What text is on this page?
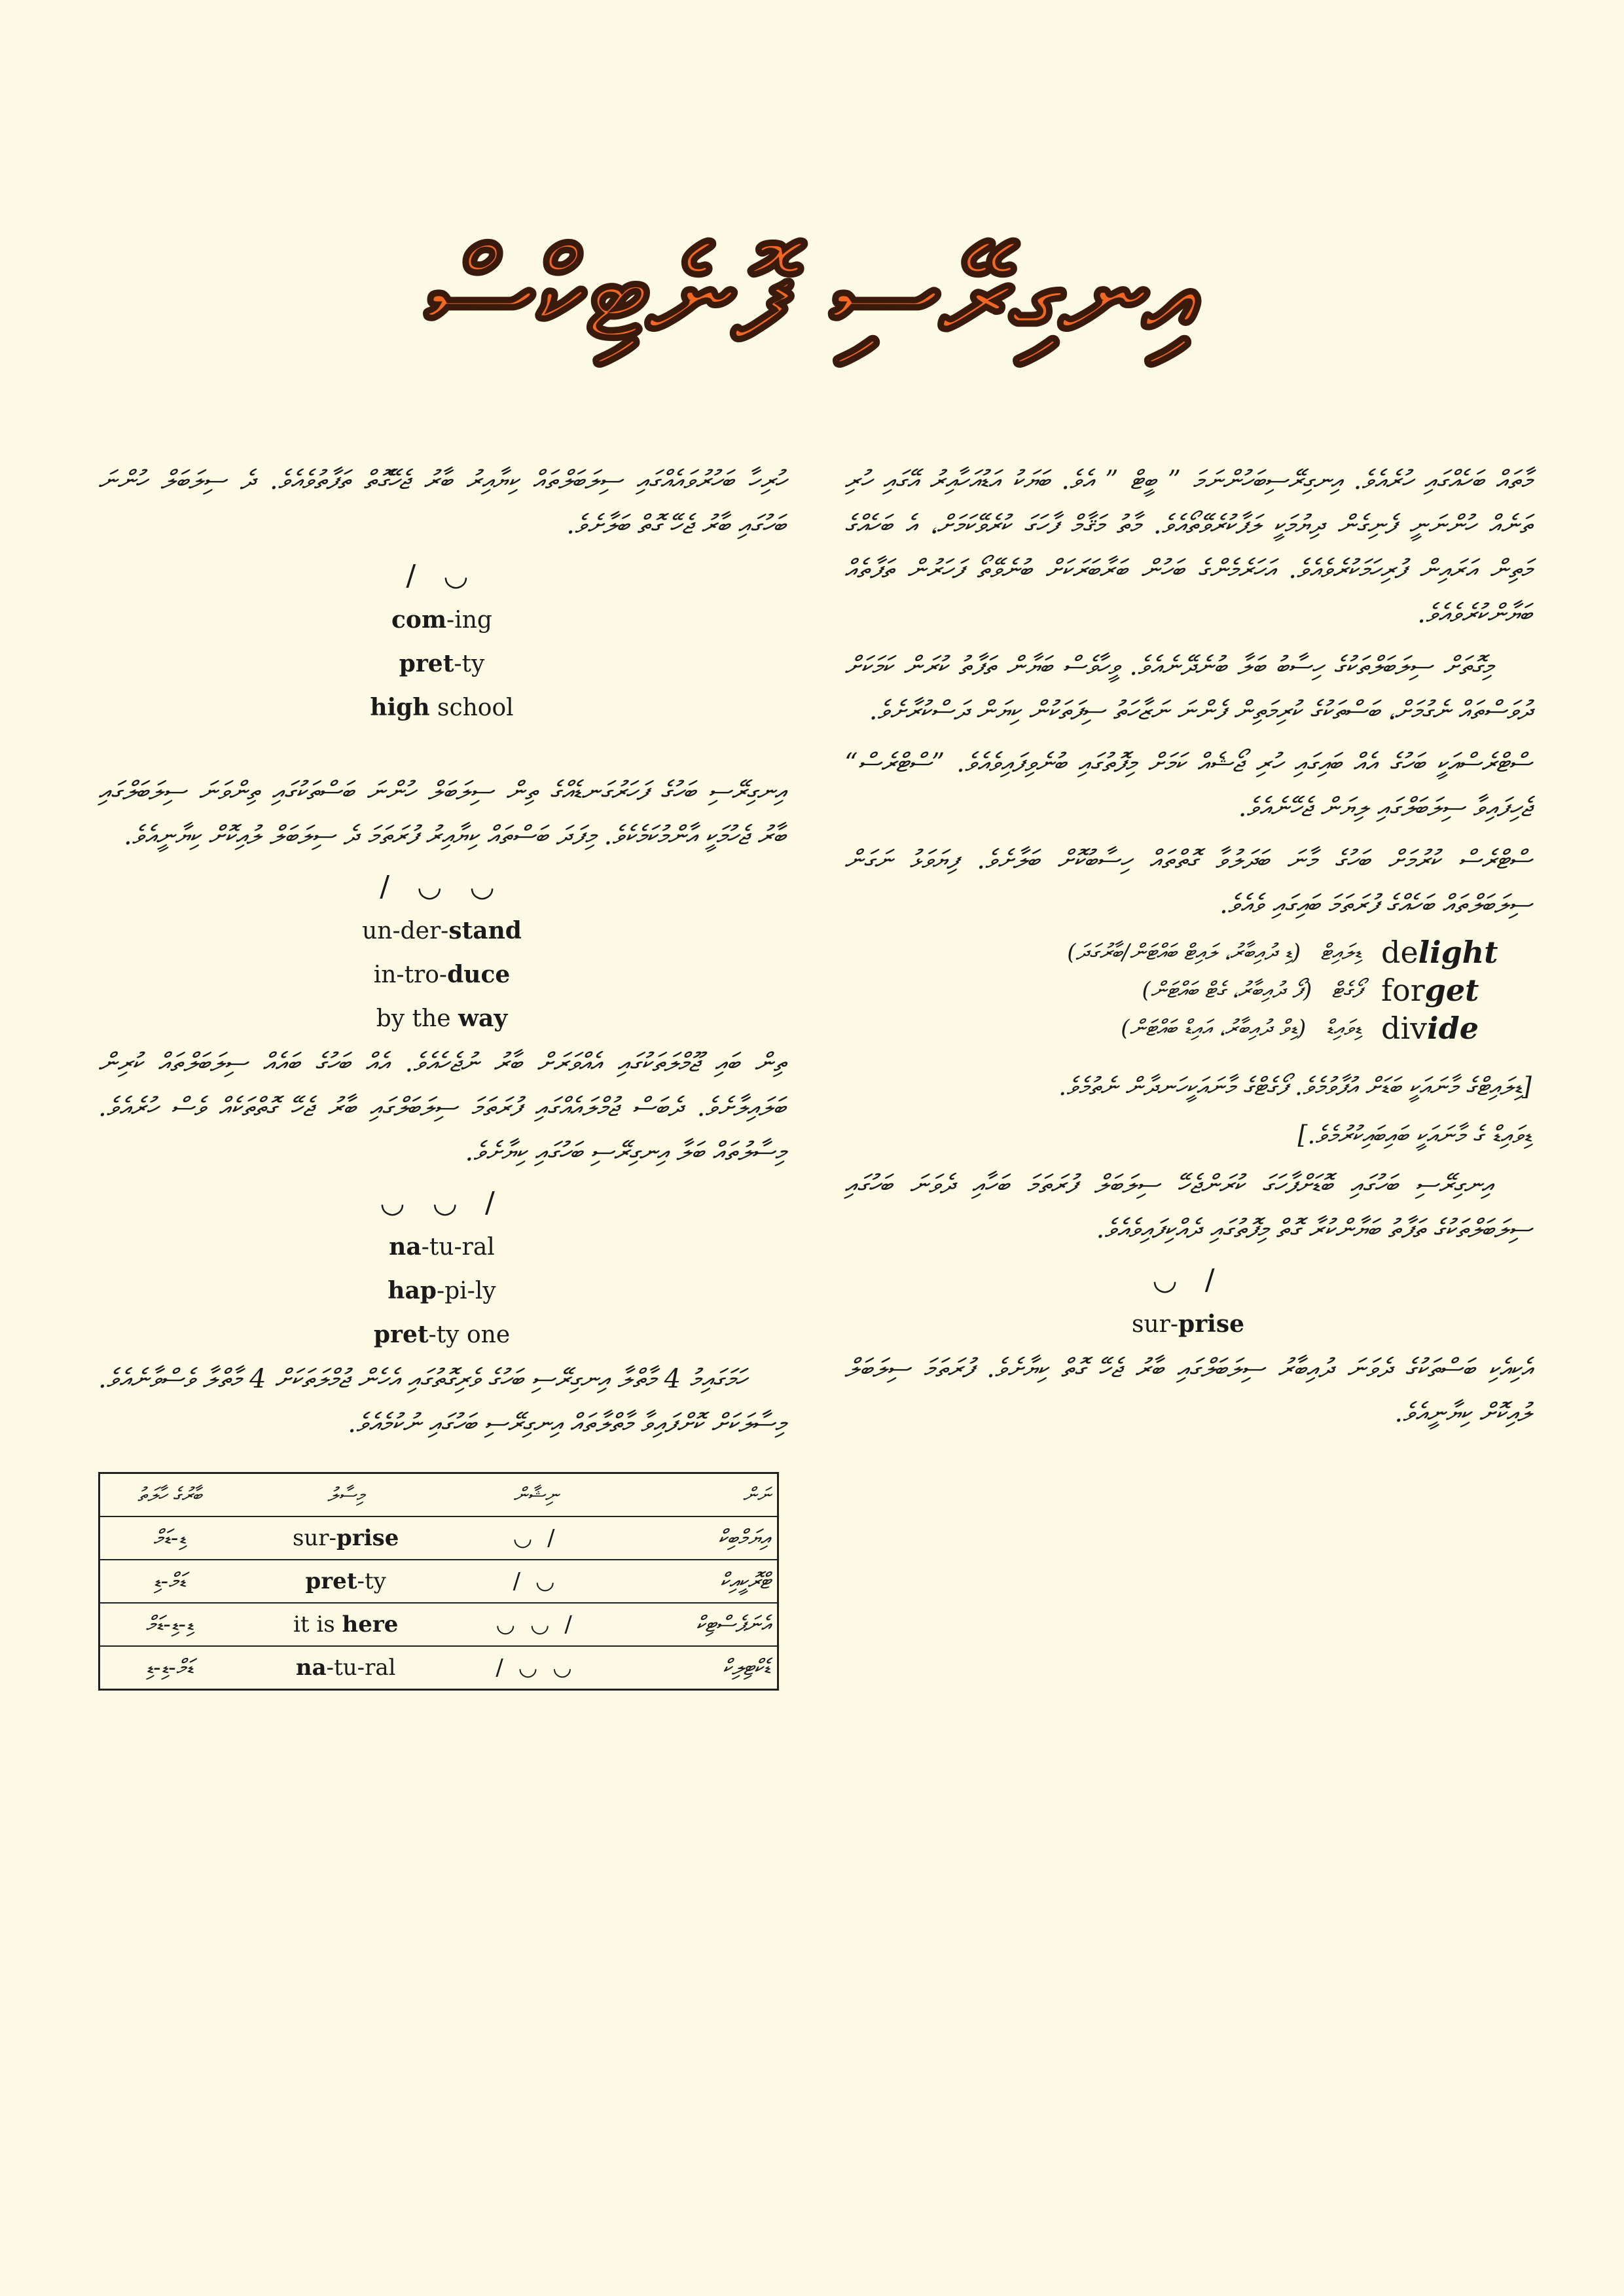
އިނގިރޭސި ފޮނެޓިކްސް

މާތައް ބަހެއްގައި ހުރެއެވެ. އިނގިރޭސިބަހުންނަމަ ” ބީޓް ” އެވެ. ބަޔަކު އަޑުއަހާއިރު އޭގައި ހުރި ތަނެއް ހުންނަނީ ފެނިގެން ދިޔުމަކީ ލަފާކުރެވޭތޯއެވެ. މާތު މަޤާމް ފާހަގަ ކުރެވޭކަމަށް، އެ ބަހެއްގެ މަތިން އަރައިން ފުރިހަމަކުރެވެއެވެ. އަހަރެމެންގެ ބަހުން ބަރާބަރަކަށް ބުނެވޭތޯ ފަހަރުން ތަފާތެއް ބަޔާންކުރެވެއެވެ.

މިގޮތަށް ސިލަބަލްތަކުގެ ހިސާބު ބަލާ ބުނެދޭނެއެވެ. ވީހާވެސް ބަޔާން ތަފާތު ކުރަން ކަމަކަށް ދުވަސްތައް ނެގުމަށް، ބަސްތަކުގެ ކުރިމަތިން ފެންނަ ނަޒާހަތު ސިފަތަކުން ކިޔަން ދަސްކުރާށެވެ.

ސްޓްރެސްއަކީ ބަހުގެ އެއް ބައިގައި ހުރި ޖޯޝެއް ކަމަށް މިފޮތުގައި ބުނެވިފައިވެއެވެ. ”ސްޓްރެސް“ ޖެހިފައިވާ ސިލަބަލްގައި ލިޔަން ޖެހޭނެއެވެ.

ސްޓްރެސް ކުރުމަށް ބަހުގެ މާނަ ބަދަލުވާ ގޮތްތައް ހިސާބުކޮށް ބަލާށެވެ. ފިޔަވަޅު ނަގަން ސިލަބަލްތައް ބަހެއްގެ ފުރަތަމަ ބައިގައި ވެއެވެ.

(ޑި ދުއިބާރު، ލައިޓް ބައްޓަން/ބާރުގަދަ) ޑިލައިޓް delight
(ފޯ ދުއިބާރު، ގެޓް ބައްޓަން) ފޯގެޓް forget
(ޑިވް ދުއިބާރު، އައިޑް ބައްޓަން) ޑިވައިޑް divide
[ޑިލައިޓްގެ މާނައަކީ ބަޑަށް އުފާވުމެވެ. ފޯގެޓްގެ މާނައަކީހަނދާން ނެތުމެވެ.
ޑިވައިޑް ގެ މާނައަކީ ބައިބައިކުރުމެވެ.]

އިނގިރޭސި ބަހުގައި ބޮޑަށްފާހަގަ ކުރަންޖެހޭ ސިލަބަލް ފުރަތަމަ ބަހާއި ދެވަނަ ބަހުގައި ސިލަބަލްތަކުގެ ތަފާތު ބަޔާންކުރާ ގޮތް މިފޮތުގައި ދެއްކިފައިވެއެވެ.

◡ /
sur-prise

އެކިއެކި ބަސްތަކުގެ ދެވަނަ ދުއިބާރު ސިލަބަލްގައި ބާރު ޖެހޭ ގޮތް ކިޔާށެވެ. ފުރަތަމަ ސިލަބަލް ލުއިކޮށް ކިޔާނީއެވެ.

ހުރިހާ ބަހުރުވައެއްގައި ސިލަބަލްތައް ކިޔާއިރު ބާރު ޖެހޭގޮތް ތަފާތުވެއެވެ. ދެ ސިލަބަލް ހުންނަ ބަހުގައި ބާރު ޖެހޭ ގޮތް ބަލާށެވެ.

/ ◡
com-ing
pret-ty
high school

އިނގިރޭސި ބަހުގެ ފަހަރުގަނޑެއްގެ ތިން ސިލަބަލް ހުންނަ ބަސްތަކުގައި ތިންވަނަ ސިލަބަލްގައި ބާރު ޖެހުމަކީ އާންމުކަމެކެވެ. މިފަދަ ބަސްތައް ކިޔާއިރު ފުރަތަމަ ދެ ސިލަބަލް ލުއިކޮށް ކިޔާނީއެވެ.

/ ◡ ◡
un-der-stand
in-tro-duce
by the way

ތިން ބައި ޖޫމްލަތަކުގައި އެއްވަރަށް ބާރު ނުޖެހެއެވެ. އެއް ބަހުގެ ބައެއް ސިލަބަލްތައް ކުރިން ބަލައިލާށެވެ. ދެބަސް ޖުމްލައެއްގައި ފުރަތަމަ ސިލަބަލްގައި ބާރު ޖެހޭ ގޮތްތަކެއް ވެސް ހުރެއެވެ. މިސާލުތައް ބަލާ އިނގިރޭސި ބަހުގައި ކިޔާށެވެ.

◡ ◡ /
na-tu-ral
hap-pi-ly
pret-ty one

ހަމަގައިމު 4 މާތްލާ އިނގިރޭސި ބަހުގެ ވެރިގޮތުގައި އެހެން ޖުމްލަތަކަށް 4 މާތްލާ ވެސްވާނެއެވެ. މިސާލަކަށް ކޮށްފައިވާ މާތްލާތައް އިނގިރޭސި ބަހުގައި ނުކުމެއެވެ.

ބާރުގެ ހާލަތު	މިސާލު	ނިޝާން	ނަން
ޑި-ޑަމް	sur-prise	◡ /	އިޔަމްބިކް
ޑަމް-ޑި	pret-ty	/ ◡	ޓްރޮކީއިކް
ޑި-ޑި-ޑަމް	it is here	◡ ◡ /	އެނަޕެސްޓިކް
ޑަމް-ޑި-ޑި	na-tu-ral	/ ◡ ◡	ޑެކްޓިލިކް
